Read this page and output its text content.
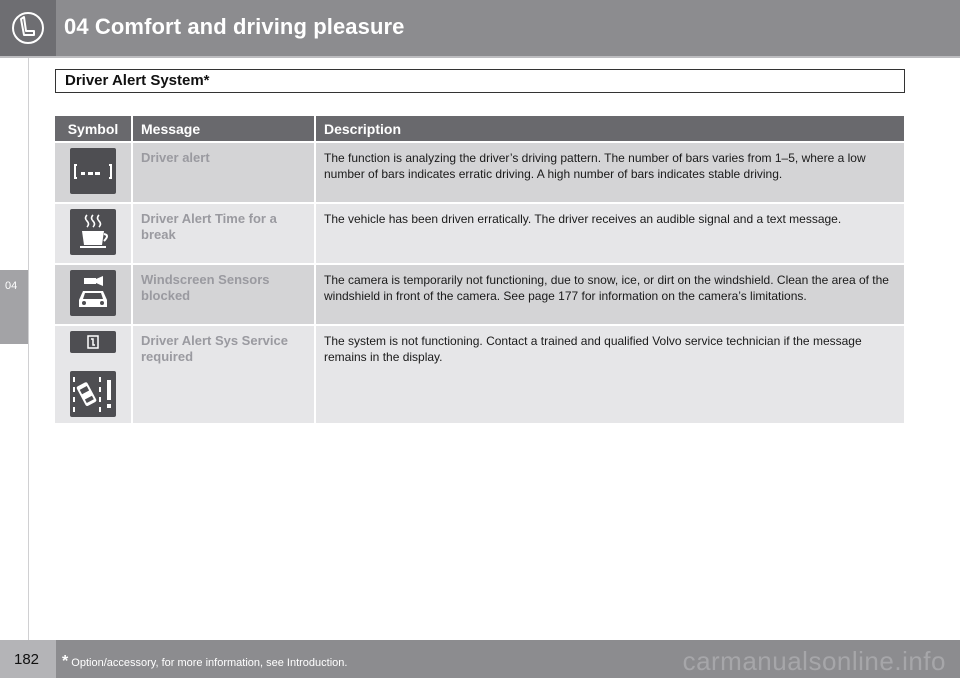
04 Comfort and driving pleasure
04
Driver Alert System*
Symbol	Message	Description
	Driver alert	The function is analyzing the driver’s driving pattern. The number of bars varies from 1–5, where a low number of bars indicates erratic driving. A high number of bars indicates stable driving.
	Driver Alert Time for a break	The vehicle has been driven erratically. The driver receives an audible signal and a text message.
	Windscreen Sensors blocked	The camera is temporarily not functioning, due to snow, ice, or dirt on the windshield. Clean the area of the windshield in front of the camera. See page 177 for information on the camera’s limitations.

	Driver Alert Sys Service required	The system is not functioning. Contact a trained and qualified Volvo service technician if the message remains in the display.
182 * Option/accessory, for more information, see Introduction.	carmanualsonline.info
